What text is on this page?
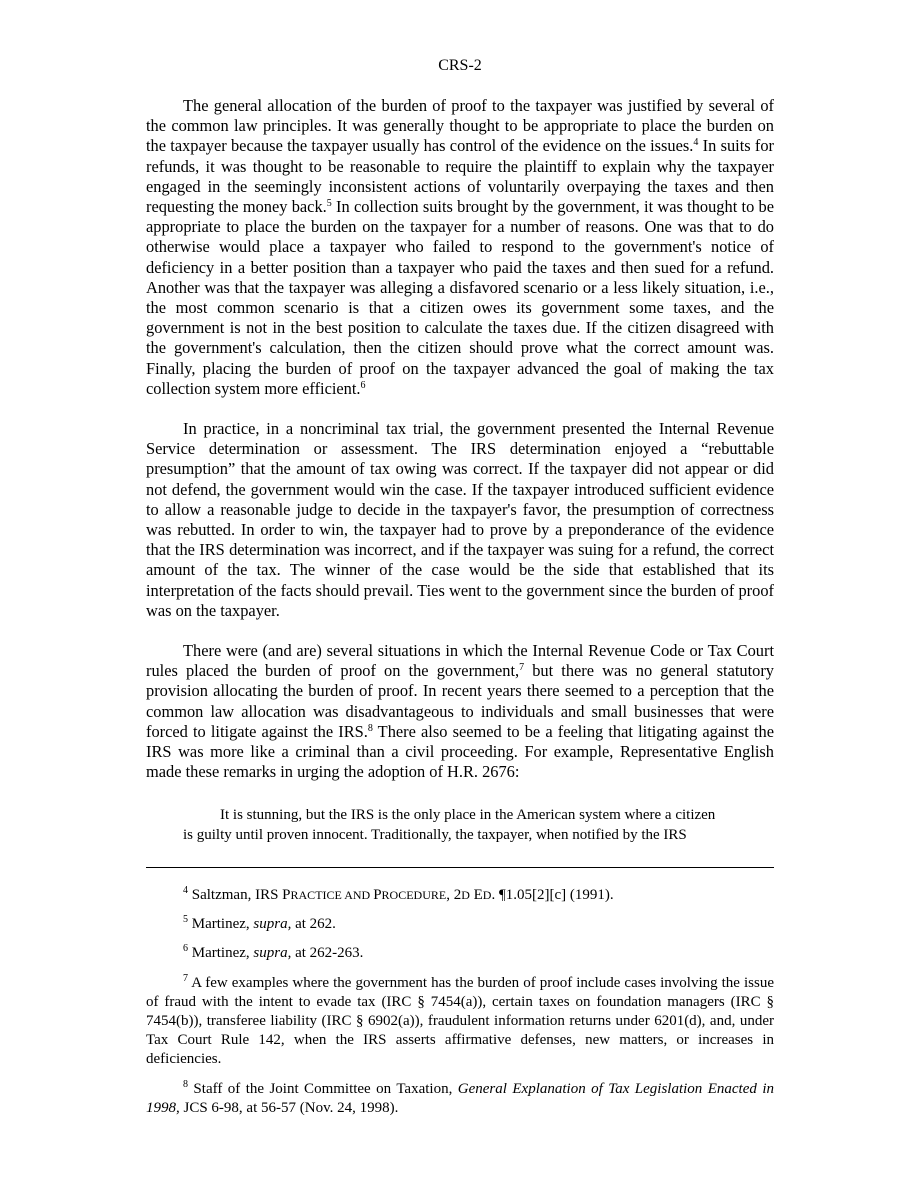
CRS-2

The general allocation of the burden of proof to the taxpayer was justified by several of the common law principles. It was generally thought to be appropriate to place the burden on the taxpayer because the taxpayer usually has control of the evidence on the issues.$^4$ In suits for refunds, it was thought to be reasonable to require the plaintiff to explain why the taxpayer engaged in the seemingly inconsistent actions of voluntarily overpaying the taxes and then requesting the money back.$^5$ In collection suits brought by the government, it was thought to be appropriate to place the burden on the taxpayer for a number of reasons. One was that to do otherwise would place a taxpayer who failed to respond to the government's notice of deficiency in a better position than a taxpayer who paid the taxes and then sued for a refund. Another was that the taxpayer was alleging a disfavored scenario or a less likely situation, i.e., the most common scenario is that a citizen owes its government some taxes, and the government is not in the best position to calculate the taxes due. If the citizen disagreed with the government's calculation, then the citizen should prove what the correct amount was. Finally, placing the burden of proof on the taxpayer advanced the goal of making the tax collection system more efficient.$^6$

In practice, in a noncriminal tax trial, the government presented the Internal Revenue Service determination or assessment. The IRS determination enjoyed a “rebuttable presumption” that the amount of tax owing was correct. If the taxpayer did not appear or did not defend, the government would win the case. If the taxpayer introduced sufficient evidence to allow a reasonable judge to decide in the taxpayer's favor, the presumption of correctness was rebutted. In order to win, the taxpayer had to prove by a preponderance of the evidence that the IRS determination was incorrect, and if the taxpayer was suing for a refund, the correct amount of the tax. The winner of the case would be the side that established that its interpretation of the facts should prevail. Ties went to the government since the burden of proof was on the taxpayer.

There were (and are) several situations in which the Internal Revenue Code or Tax Court rules placed the burden of proof on the government,$^7$ but there was no general statutory provision allocating the burden of proof. In recent years there seemed to a perception that the common law allocation was disadvantageous to individuals and small businesses that were forced to litigate against the IRS.$^8$ There also seemed to be a feeling that litigating against the IRS was more like a criminal than a civil proceeding. For example, Representative English made these remarks in urging the adoption of H.R. 2676:

It is stunning, but the IRS is the only place in the American system where a citizen

is guilty until proven innocent. Traditionally, the taxpayer, when notified by the IRS

$^4$ Saltzman, IRS PRACTICE AND PROCEDURE, 2D ED. ¶1.05[2][c] (1991).

$^5$ Martinez, supra, at 262.

$^6$ Martinez, supra, at 262-263.

$^7$ A few examples where the government has the burden of proof include cases involving the issue of fraud with the intent to evade tax (IRC § 7454(a)), certain taxes on foundation managers (IRC § 7454(b)), transferee liability (IRC § 6902(a)), fraudulent information returns under 6201(d), and, under Tax Court Rule 142, when the IRS asserts affirmative defenses, new matters, or increases in deficiencies.

$^8$ Staff of the Joint Committee on Taxation, General Explanation of Tax Legislation Enacted in 1998, JCS 6-98, at 56-57 (Nov. 24, 1998).
